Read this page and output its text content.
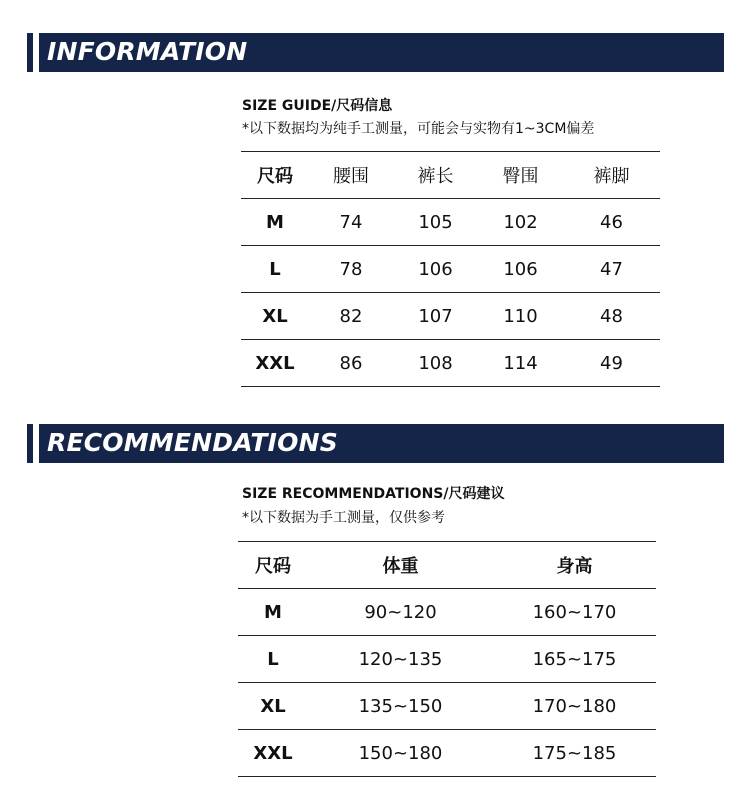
INFORMATION
SIZE GUIDE/尺码信息
*以下数据均为纯手工测量，可能会与实物有1~3CM偏差
尺码	腰围	裤长	臀围	裤脚
M	74	105	102	46
L	78	106	106	47
XL	82	107	110	48
XXL	86	108	114	49
RECOMMENDATIONS
SIZE RECOMMENDATIONS/尺码建议
*以下数据为手工测量，仅供参考
尺码	体重	身高
M	90~120	160~170
L	120~135	165~175
XL	135~150	170~180
XXL	150~180	175~185
